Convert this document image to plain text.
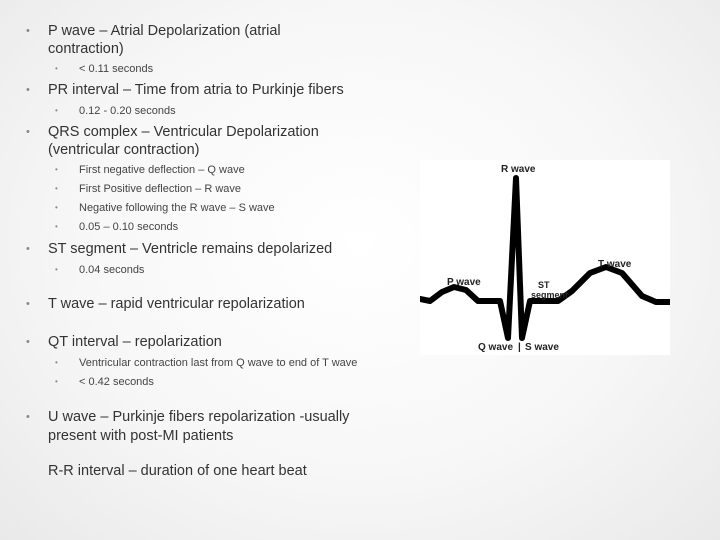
• P wave – Atrial Depolarization (atrial
contraction)
• < 0.11 seconds
• PR interval – Time from atria to Purkinje fibers
• 0.12 - 0.20 seconds
• QRS complex – Ventricular Depolarization
(ventricular contraction)
• First negative deflection – Q wave
• First Positive deflection – R wave
• Negative following the R wave – S wave
• 0.05 – 0.10 seconds
• ST segment – Ventricle remains depolarized
• 0.04 seconds
• T wave – rapid ventricular repolarization
• QT interval – repolarization
• Ventricular contraction last from Q wave to end of T wave
• < 0.42 seconds
• U wave – Purkinje fibers repolarization -usually
present with post-MI patients
R-R interval – duration of one heart beat
R wave
P wave	ST
segment
T wave
Q wave | S wave
